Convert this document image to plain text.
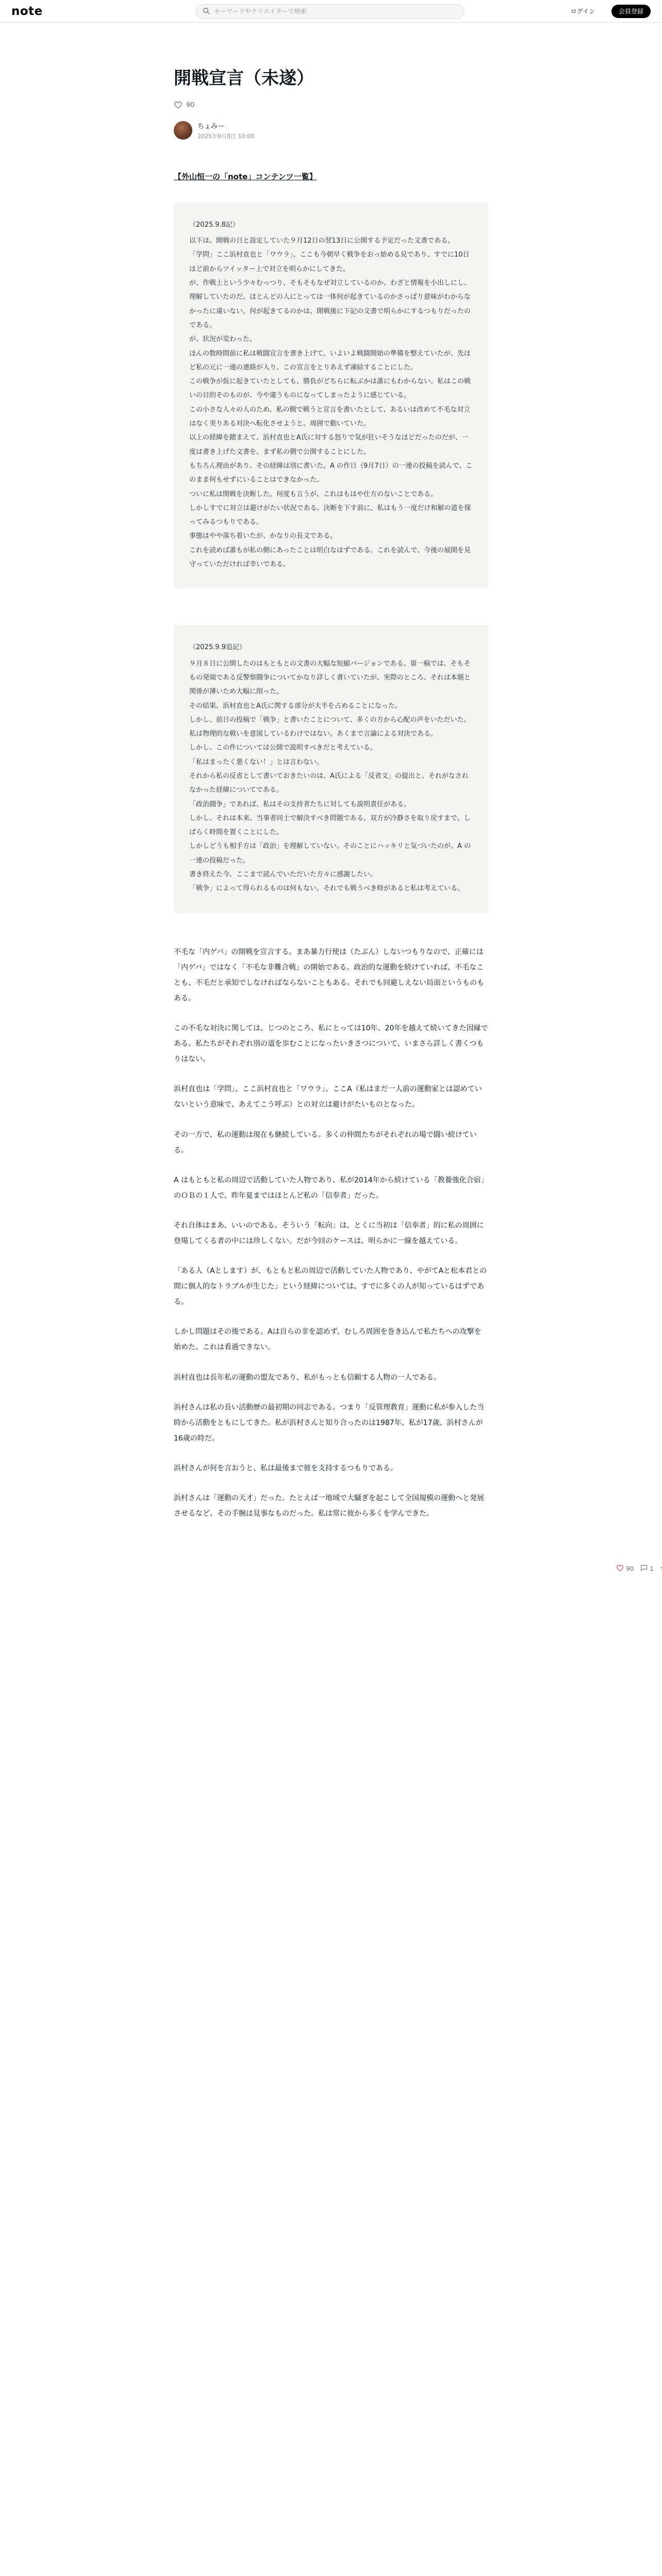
note
キーワードやクリエイターで検索	ログイン	会員登録
開戦宣言（未遂）
90
ちょみー
2025年9月8日 10:00
【外山恒一の「note」コンテンツ一覧】

（2025.9.8記）

以下は、開戦の日と設定していた９月12日の翌13日に公開する予定だった文書である。

「学問」ここ浜村直也と「ワウラ」、ここも今朝早く戦争をおっ始める見であり、すでに10日ほど前からツイッター上で対立を明らかにしてきた。

が、作戦上という少々むっつり、そもそもなぜ対立しているのか、わざと情報を小出しにし、理解していたのだ。ほとんどの人にとっては一体何が起きているのかさっぱり意味がわからなかったに違いない。何が起きてるのかは、開戦後に下記の文書で明らかにするつもりだったのである。

が、状況が変わった。

ほんの数時間前に私は戦闘宣言を書き上げて、いよいよ戦闘開始の準備を整えていたが、先ほど私の元に一通の連絡が入り、この宣言をとりあえず凍結することにした。

この戦争が仮に起きていたとしても、勝負がどちらに転ぶかは誰にもわからない。私はこの戦いの目的そのものが、今や違うものになってしまったように感じている。

この小さな人々の人のため、私の側で戦うと宣言を書いたとして、あるいは改めて不毛な対立はなく実りある対決へ転化させようと。周囲で動いていた。

以上の経緯を踏まえて、浜村直也とA氏に対する怒りで気が狂いそうなほどだったのだが、一度は書き上げた文書を、まず私の側で公開することにした。

もちろん理由があり、その経緯は別に書いた。A の作日（9月7日）の一連の投稿を読んで、このまま何もせずにいることはできなかった。

ついに私は開戦を決断した。何度も言うが、これはもはや仕方のないことである。

しかしすでに対立は避けがたい状況である。決断を下す前に、私はもう一度だけ和解の道を探ってみるつもりである。

事態はやや落ち着いたが、かなりの長文である。

これを読めば誰もが私の側にあったことは明白なはずである。これを読んで、今後の展開を見守っていただければ幸いである。

（2025.9.9追記）

９月８日に公開したのはもともとの文書の大幅な短縮バージョンである。第一稿では、そもそもの発端である反警察闘争についてかなり詳しく書いていたが、実際のところ、それは本題と関係が薄いため大幅に削った。

その結果、浜村直也とA氏に関する部分が大半を占めることになった。

しかし、前日の投稿で「戦争」と書いたことについて、多くの方から心配の声をいただいた。私は物理的な戦いを意図しているわけではない。あくまで言論による対決である。

しかし、この件については公開で説明すべきだと考えている。

「私はまったく悪くない！」とは言わない。

それから私の反省として書いておきたいのは、A氏による「反省文」の提出と、それがなされなかった経緯についてである。

「政治闘争」であれば、私はその支持者たちに対しても説明責任がある。

しかし、それは本来、当事者同士で解決すべき問題である。双方が冷静さを取り戻すまで、しばらく時間を置くことにした。

しかしどうも相手方は「政治」を理解していない。そのことにハッキリと気づいたのが、A の一連の投稿だった。

書き終えた今、ここまで読んでいただいた方々に感謝したい。

「戦争」によって得られるものは何もない。それでも戦うべき時があると私は考えている。

不毛な「内ゲバ」の開戦を宣言する。まあ暴力行使は（たぶん）しないつもりなので、正確には「内ゲバ」ではなく「不毛な非難合戦」の開始である。政治的な運動を続けていれば、不毛なことも、不毛だと承知でしなければならないこともある。それでも回避しえない局面というものもある。

この不毛な対決に関しては、じつのところ、私にとっては10年、20年を越えて続いてきた因縁である。私たちがそれぞれ別の道を歩むことになったいきさつについて、いまさら詳しく書くつもりはない。

浜村直也は「学問」、ここ浜村直也と「ワウラ」、ここA（私はまだ一人前の運動家とは認めていないという意味で、あえてこう呼ぶ）との対立は避けがたいものとなった。

その一方で、私の運動は現在も継続している。多くの仲間たちがそれぞれの場で闘い続けている。

A はもともと私の周辺で活動していた人物であり、私が2014年から続けている「教養強化合宿」のＯＢの１人で、昨年夏まではほとんど私の「信奉者」だった。

それ自体はまあ、いいのである。そういう「転向」は、とくに当初は「信奉者」的に私の周囲に登場してくる者の中には珍しくない。だが今回のケースは、明らかに一線を越えている。

「ある人（Aとします）が、もともと私の周辺で活動していた人物であり、やがてAと松本君との間に個人的なトラブルが生じた」という経緯については、すでに多くの人が知っているはずである。

しかし問題はその後である。Aは自らの非を認めず、むしろ周囲を巻き込んで私たちへの攻撃を始めた。これは看過できない。

浜村直也は長年私の運動の盟友であり、私がもっとも信頼する人物の一人である。

浜村さんは私の長い活動歴の最初期の同志である。つまり「反管理教育」運動に私が参入した当時から活動をともにしてきた。私が浜村さんと知り合ったのは1987年、私が17歳、浜村さんが16歳の時だ。

浜村さんが何を言おうと、私は最後まで彼を支持するつもりである。

浜村さんは「運動の天才」だった。たとえば一地域で大騒ぎを起こして全国規模の運動へと発展させるなど、その手腕は見事なものだった。私は常に彼から多くを学んできた。

90	1
